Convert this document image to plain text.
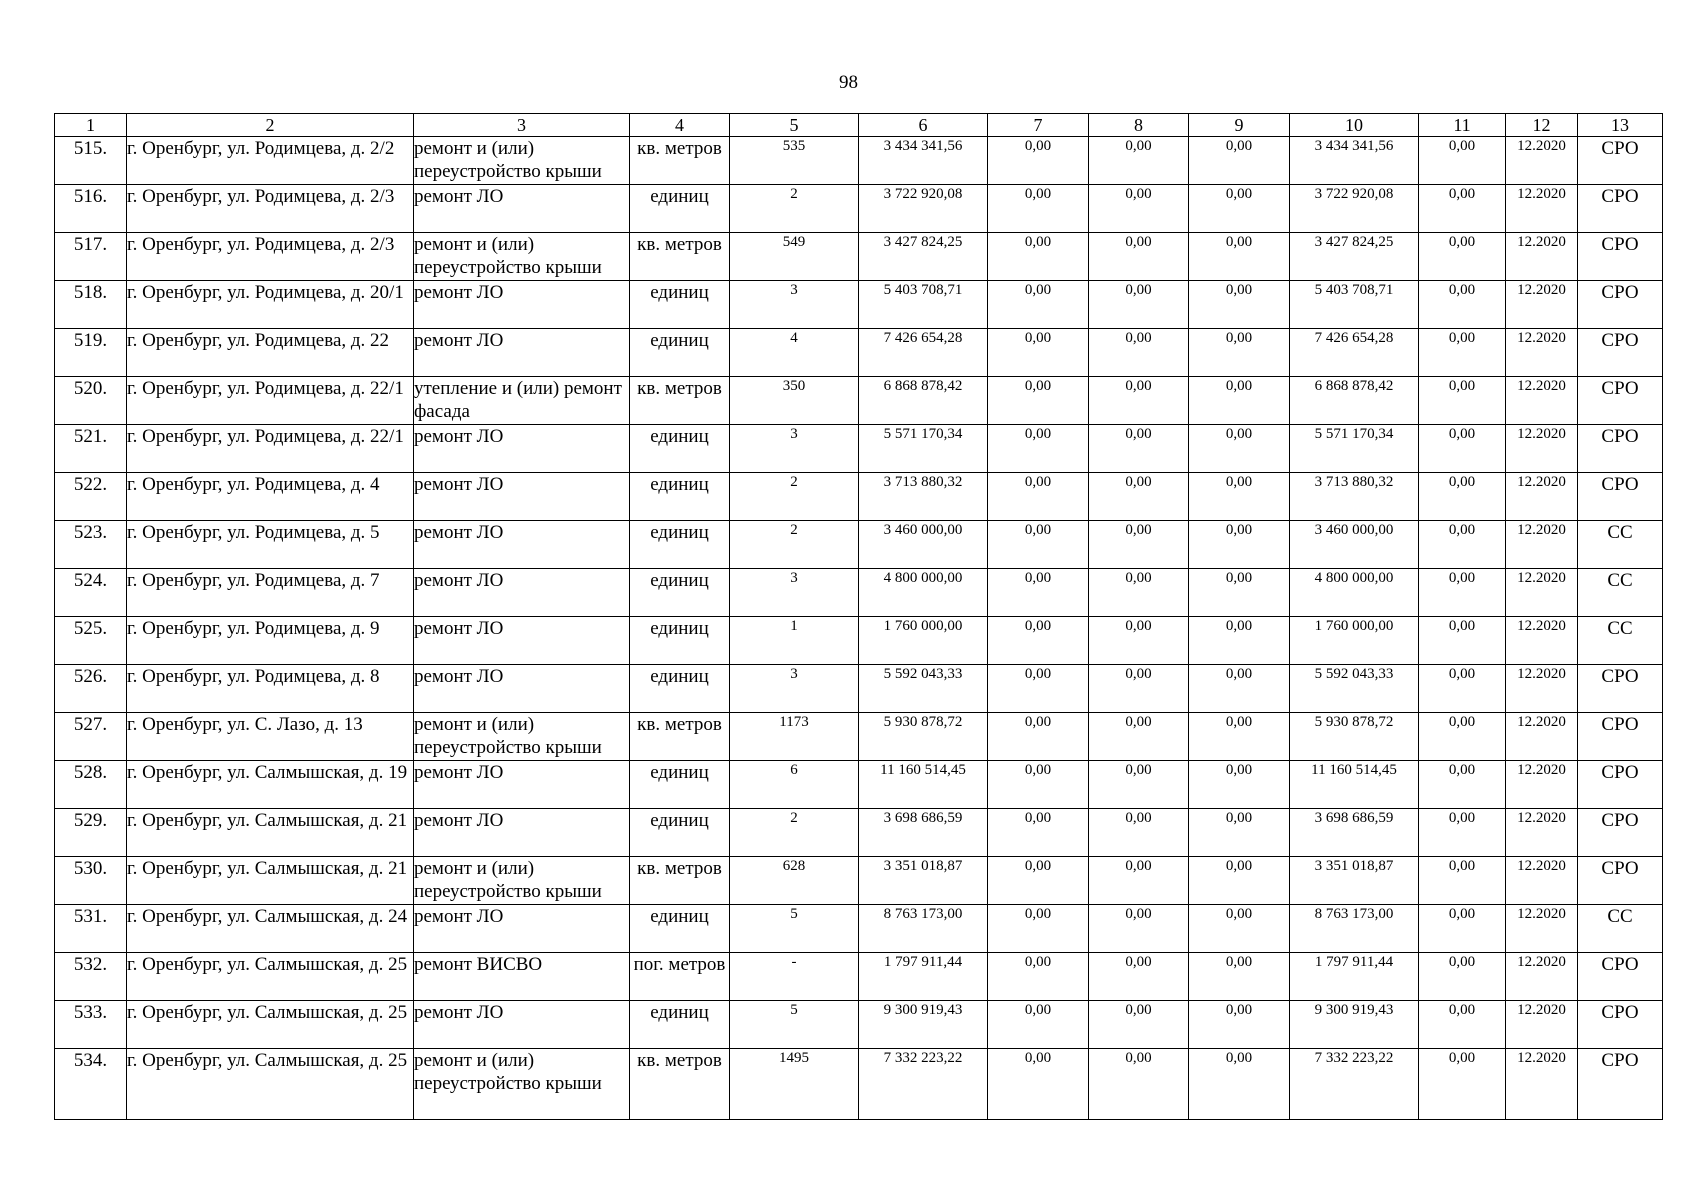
98
1	2	3	4	5	6	7	8	9	10	11	12	13
515.	г. Оренбург, ул. Родимцева, д. 2/2	ремонт и (или) переустройство крыши	кв. метров	535	3 434 341,56	0,00	0,00	0,00	3 434 341,56	0,00	12.2020	СРО
516.	г. Оренбург, ул. Родимцева, д. 2/3	ремонт ЛО	единиц	2	3 722 920,08	0,00	0,00	0,00	3 722 920,08	0,00	12.2020	СРО
517.	г. Оренбург, ул. Родимцева, д. 2/3	ремонт и (или) переустройство крыши	кв. метров	549	3 427 824,25	0,00	0,00	0,00	3 427 824,25	0,00	12.2020	СРО
518.	г. Оренбург, ул. Родимцева, д. 20/1	ремонт ЛО	единиц	3	5 403 708,71	0,00	0,00	0,00	5 403 708,71	0,00	12.2020	СРО
519.	г. Оренбург, ул. Родимцева, д. 22	ремонт ЛО	единиц	4	7 426 654,28	0,00	0,00	0,00	7 426 654,28	0,00	12.2020	СРО
520.	г. Оренбург, ул. Родимцева, д. 22/1	утепление и (или) ремонт фасада	кв. метров	350	6 868 878,42	0,00	0,00	0,00	6 868 878,42	0,00	12.2020	СРО
521.	г. Оренбург, ул. Родимцева, д. 22/1	ремонт ЛО	единиц	3	5 571 170,34	0,00	0,00	0,00	5 571 170,34	0,00	12.2020	СРО
522.	г. Оренбург, ул. Родимцева, д. 4	ремонт ЛО	единиц	2	3 713 880,32	0,00	0,00	0,00	3 713 880,32	0,00	12.2020	СРО
523.	г. Оренбург, ул. Родимцева, д. 5	ремонт ЛО	единиц	2	3 460 000,00	0,00	0,00	0,00	3 460 000,00	0,00	12.2020	СС
524.	г. Оренбург, ул. Родимцева, д. 7	ремонт ЛО	единиц	3	4 800 000,00	0,00	0,00	0,00	4 800 000,00	0,00	12.2020	СС
525.	г. Оренбург, ул. Родимцева, д. 9	ремонт ЛО	единиц	1	1 760 000,00	0,00	0,00	0,00	1 760 000,00	0,00	12.2020	СС
526.	г. Оренбург, ул. Родимцева, д. 8	ремонт ЛО	единиц	3	5 592 043,33	0,00	0,00	0,00	5 592 043,33	0,00	12.2020	СРО
527.	г. Оренбург, ул. С. Лазо, д. 13	ремонт и (или) переустройство крыши	кв. метров	1173	5 930 878,72	0,00	0,00	0,00	5 930 878,72	0,00	12.2020	СРО
528.	г. Оренбург, ул. Салмышская, д. 19	ремонт ЛО	единиц	6	11 160 514,45	0,00	0,00	0,00	11 160 514,45	0,00	12.2020	СРО
529.	г. Оренбург, ул. Салмышская, д. 21	ремонт ЛО	единиц	2	3 698 686,59	0,00	0,00	0,00	3 698 686,59	0,00	12.2020	СРО
530.	г. Оренбург, ул. Салмышская, д. 21	ремонт и (или) переустройство крыши	кв. метров	628	3 351 018,87	0,00	0,00	0,00	3 351 018,87	0,00	12.2020	СРО
531.	г. Оренбург, ул. Салмышская, д. 24	ремонт ЛО	единиц	5	8 763 173,00	0,00	0,00	0,00	8 763 173,00	0,00	12.2020	СС
532.	г. Оренбург, ул. Салмышская, д. 25	ремонт ВИСВО	пог. метров	-	1 797 911,44	0,00	0,00	0,00	1 797 911,44	0,00	12.2020	СРО
533.	г. Оренбург, ул. Салмышская, д. 25	ремонт ЛО	единиц	5	9 300 919,43	0,00	0,00	0,00	9 300 919,43	0,00	12.2020	СРО
534.	г. Оренбург, ул. Салмышская, д. 25	ремонт и (или) переустройство крыши	кв. метров	1495	7 332 223,22	0,00	0,00	0,00	7 332 223,22	0,00	12.2020	СРО
